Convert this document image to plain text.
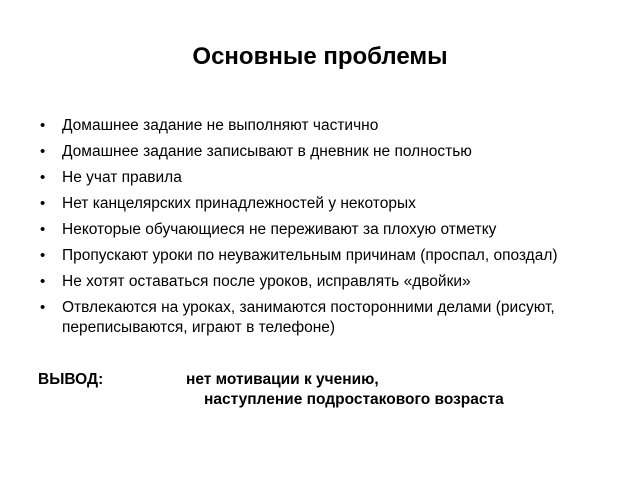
Основные проблемы
• Домашнее задание не выполняют частично
• Домашнее задание записывают в дневник не полностью
• Не учат правила
• Нет канцелярских принадлежностей у некоторых
• Некоторые обучающиеся не переживают за плохую отметку
• Пропускают уроки по неуважительным причинам (проспал, опоздал)
• Не хотят оставаться после уроков, исправлять «двойки»
• Отвлекаются на уроках, занимаются посторонними делами (рисуют, переписываются, играют в телефоне)
ВЫВОД:	нет мотивации к учению,
наступление подростакового возраста
